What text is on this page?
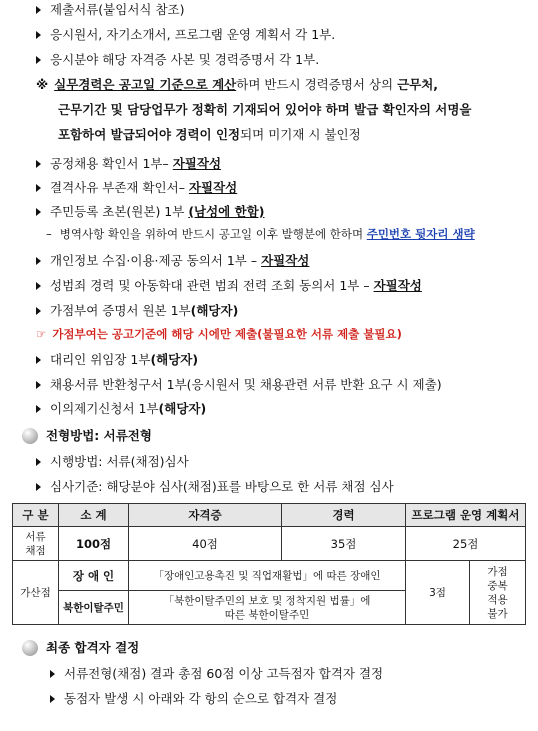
제출서류(붙임서식 참조)
응시원서, 자기소개서, 프로그램 운영 계획서 각 1부.
응시분야 해당 자격증 사본 및 경력증명서 각 1부.
※ 실무경력은 공고일 기준으로 계산하며 반드시 경력증명서 상의 근무처,
근무기간 및 담당업무가 정확히 기재되어 있어야 하며 발급 확인자의 서명을
포함하여 발급되어야 경력이 인정되며 미기재 시 불인정
공정채용 확인서 1부– 자필작성
결격사유 부존재 확인서– 자필작성
주민등록 초본(원본) 1부 (남성에 한함)
– 병역사항 확인을 위하여 반드시 공고일 이후 발행분에 한하며 주민번호 뒷자리 생략
개인정보 수집·이용·제공 동의서 1부 – 자필작성
성범죄 경력 및 아동학대 관련 범죄 전력 조회 동의서 1부 – 자필작성
가점부여 증명서 원본 1부(해당자)
☞ 가점부여는 공고기준에 해당 시에만 제출(불필요한 서류 제출 불필요)
대리인 위임장 1부(해당자)
채용서류 반환청구서 1부(응시원서 및 채용관련 서류 반환 요구 시 제출)
이의제기신청서 1부(해당자)
전형방법: 서류전형
시행방법: 서류(채점)심사
심사기준: 해당분야 심사(채점)표를 바탕으로 한 서류 채점 심사
구 분	소 계	자격증	경력	프로그램 운영 계획서	
서류
채점	100점	40점	35점	25점	
가산점	장 애 인	「장애인고용촉진 및 직업재활법」에 따른 장애인		3점	가점
중복
적용
불가
	북한이탈주민	「북한이탈주민의 보호 및 정착지원 법률」에 따른 북한이탈주민			
최종 합격자 결정
서류전형(채점) 결과 총점 60점 이상 고득점자 합격자 결정
동점자 발생 시 아래와 각 항의 순으로 합격자 결정
